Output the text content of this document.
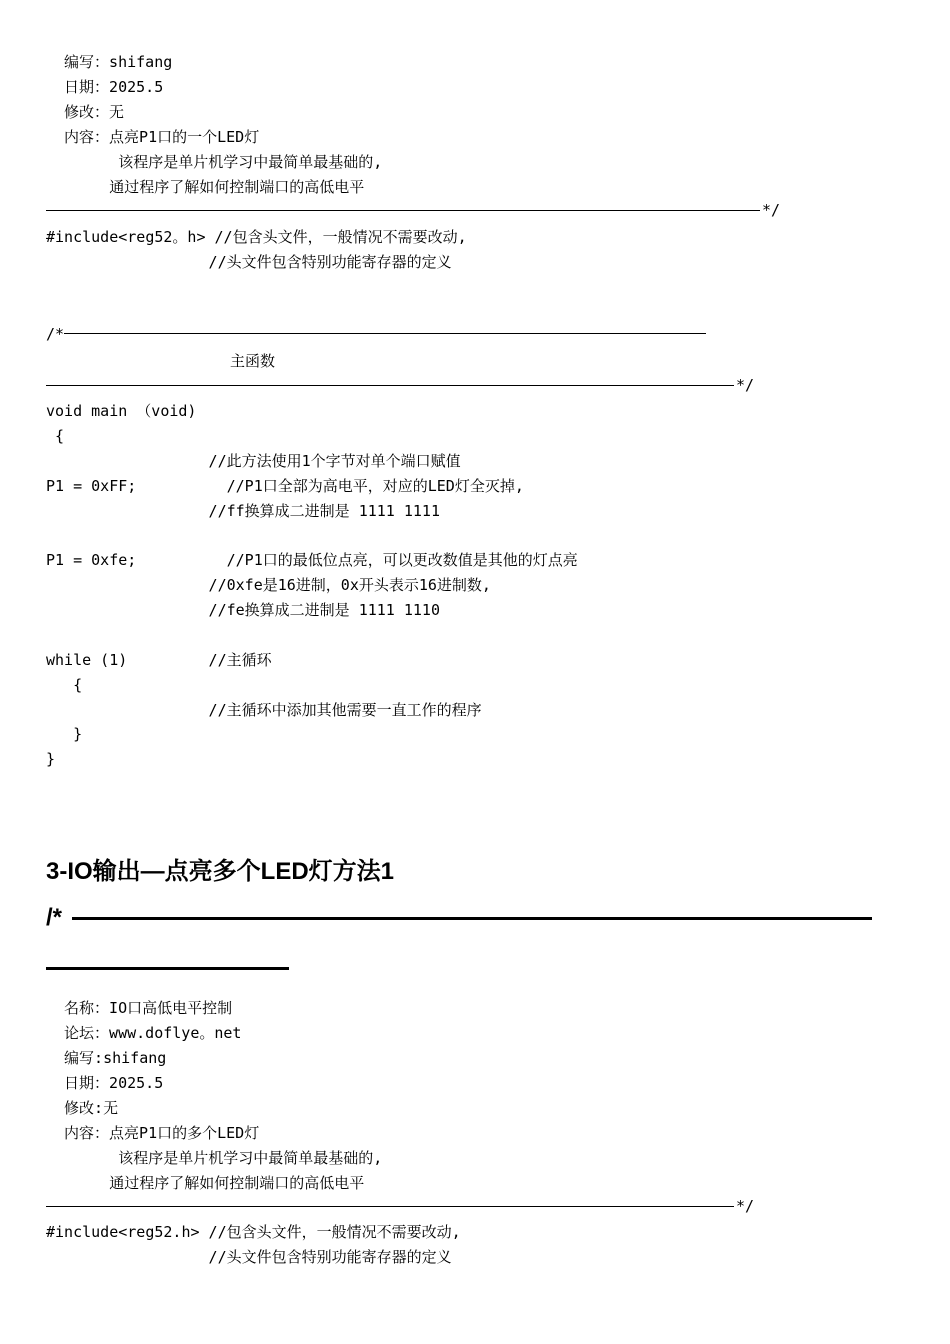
编写：shifang
日期：2025.5
修改：无
内容：点亮P1口的一个LED灯
该程序是单片机学习中最简单最基础的,
通过程序了解如何控制端口的高低电平
*/
#include<reg52。h> //包含头文件，一般情况不需要改动,
//头文件包含特别功能寄存器的定义
/*
主函数
*/
void main （void)
{
//此方法使用1个字节对单个端口赋值
P1 = 0xFF;          //P1口全部为高电平，对应的LED灯全灭掉,
//ff换算成二进制是 1111 1111
P1 = 0xfe;          //P1口的最低位点亮，可以更改数值是其他的灯点亮
//0xfe是16进制，0x开头表示16进制数,
//fe换算成二进制是 1111 1110
while (1)         //主循环
{
//主循环中添加其他需要一直工作的程序
}
}
3-IO输出—点亮多个LED灯方法1
/*
名称：IO口高低电平控制
论坛：www.doflye。net
编写:shifang
日期：2025.5
修改:无
内容：点亮P1口的多个LED灯
该程序是单片机学习中最简单最基础的,
通过程序了解如何控制端口的高低电平
*/
#include<reg52.h> //包含头文件，一般情况不需要改动,
//头文件包含特别功能寄存器的定义
